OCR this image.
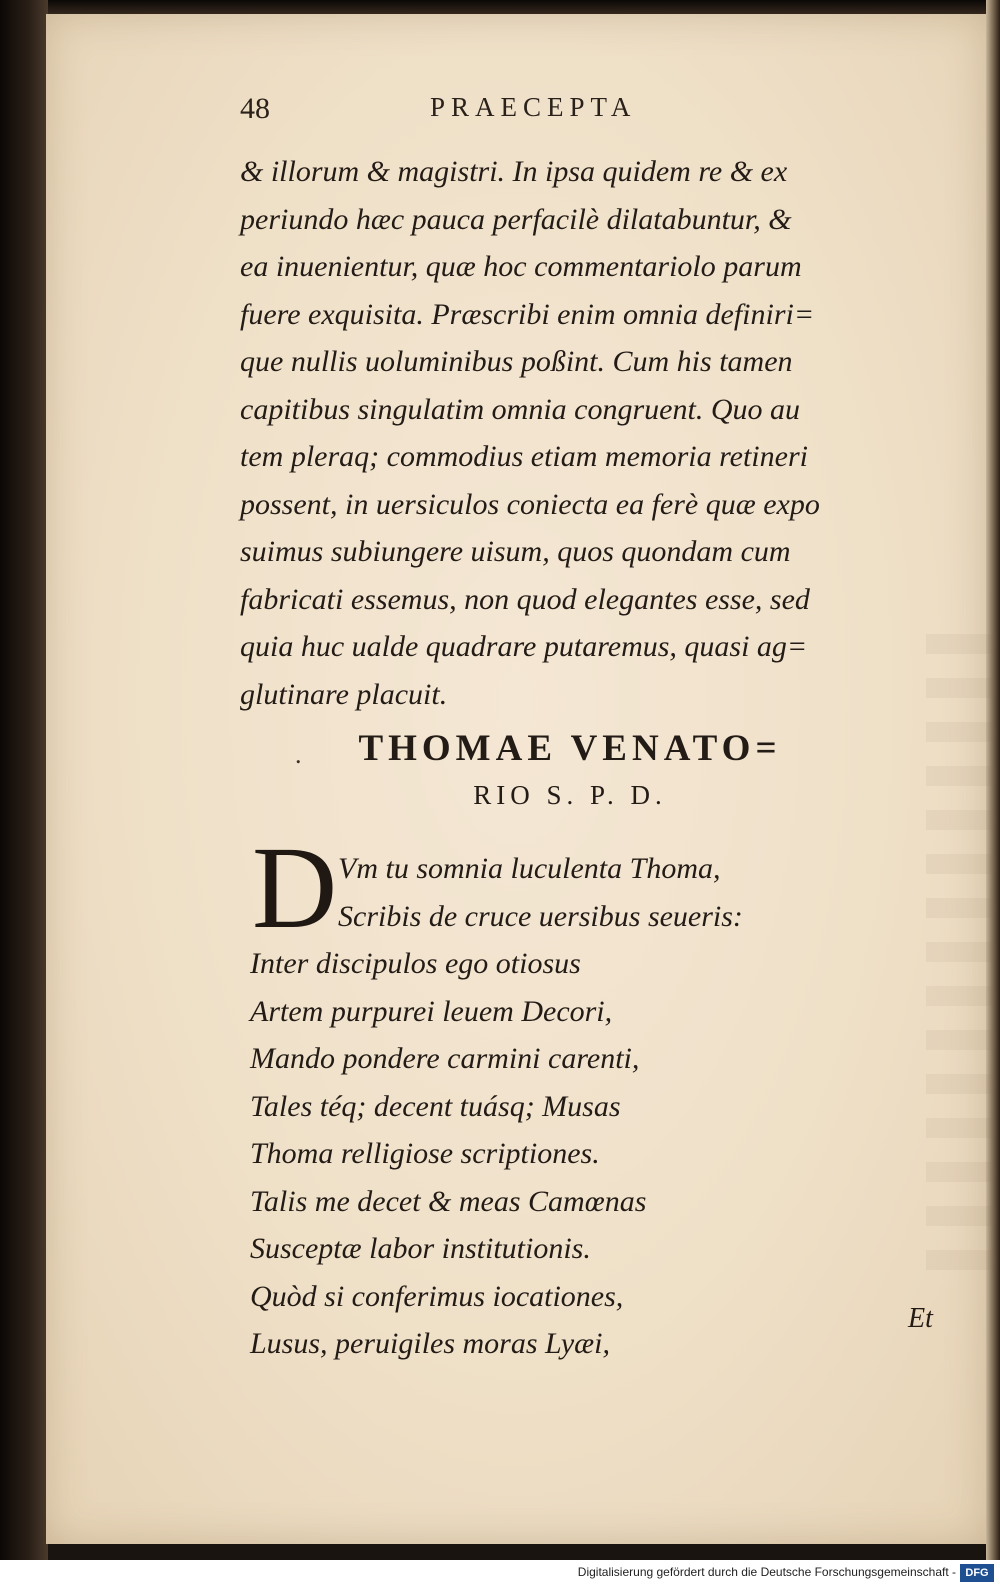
48	PRAECEPTA
& illorum & magistri. In ipsa quidem re & ex
periundo hæc pauca perfacilè dilatabuntur, &
ea inuenientur, quæ hoc commentariolo parum
fuere exquisita. Præscribi enim omnia definiri=
que nullis uoluminibus poßint. Cum his tamen
capitibus singulatim omnia congruent. Quo au
tem pleraq; commodius etiam memoria retineri
possent, in uersiculos coniecta ea ferè quæ expo
suimus subiungere uisum, quos quondam cum
fabricati essemus, non quod elegantes esse, sed
quia huc ualde quadrare putaremus, quasi ag=
glutinare placuit.
.	THOMAE VENATO=
RIO S. P. D.
D Vm tu somnia luculenta Thoma,
Scribis de cruce uersibus seueris:
Inter discipulos ego otiosus
Artem purpurei leuem Decori,
Mando pondere carmini carenti,
Tales téq; decent tuásq; Musas
Thoma relligiose scriptiones.
Talis me decet & meas Camœnas
Susceptæ labor institutionis.
Quòd si conferimus iocationes,
Lusus, peruigiles moras Lyæi,
Et
Digitalisierung gefördert durch die Deutsche Forschungsgemeinschaft - DFG
